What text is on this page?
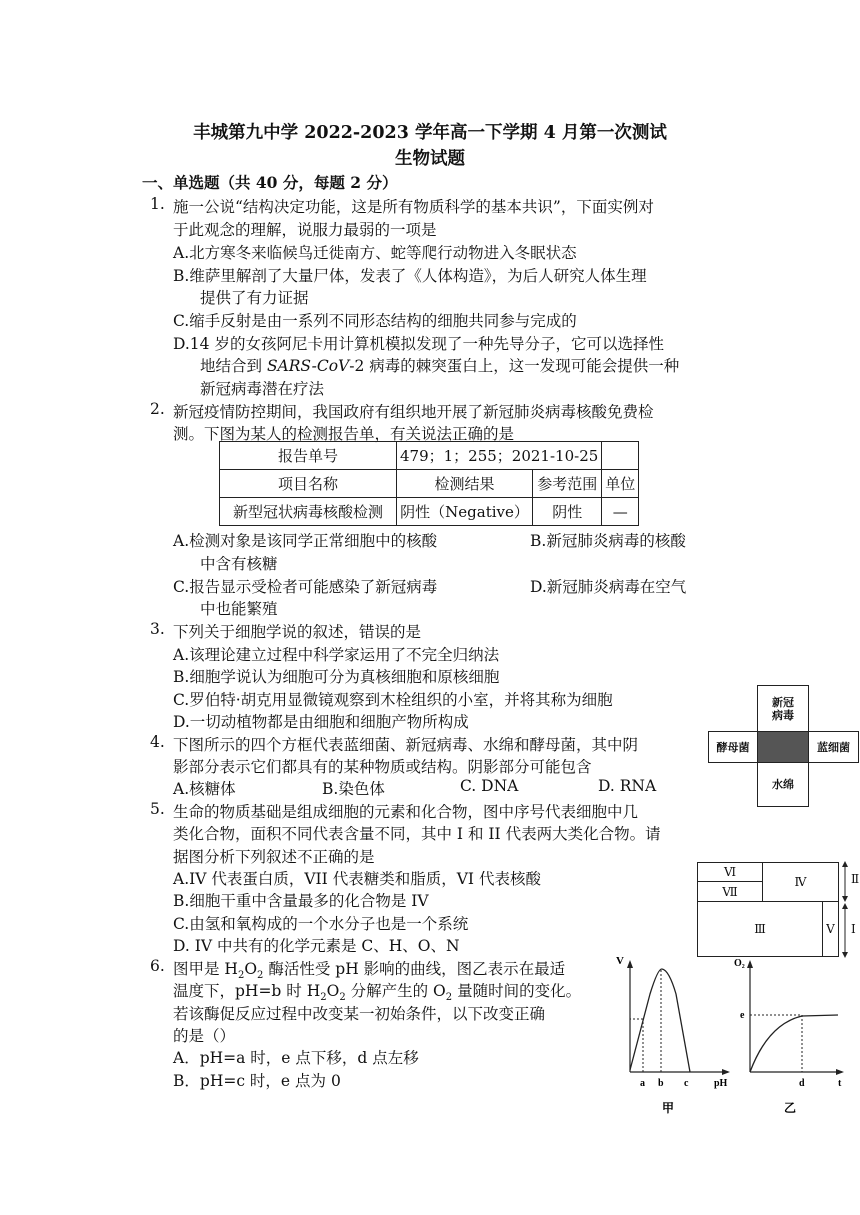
丰城第九中学 2022-2023 学年高一下学期 4 月第一次测试
生物试题
一、单选题（共 40 分，每题 2 分）
1. 施一公说“结构决定功能，这是所有物质科学的基本共识”，下面实例对
于此观念的理解，说服力最弱的一项是
A.北方寒冬来临候鸟迁徙南方、蛇等爬行动物进入冬眠状态
B.维萨里解剖了大量尸体，发表了《人体构造》，为后人研究人体生理
提供了有力证据
C.缩手反射是由一系列不同形态结构的细胞共同参与完成的
D.14 岁的女孩阿尼卡用计算机模拟发现了一种先导分子，它可以选择性
地结合到 SARS-CoV-2 病毒的棘突蛋白上，这一发现可能会提供一种
新冠病毒潜在疗法
2. 新冠疫情防控期间，我国政府有组织地开展了新冠肺炎病毒核酸免费检
测。下图为某人的检测报告单，有关说法正确的是
报告单号	479；1；255；2021-10-25		
项目名称	检测结果	参考范围	单位
新型冠状病毒核酸检测	阴性（Negative）	阴性	—
A.检测对象是该同学正常细胞中的核酸	B.新冠肺炎病毒的核酸
中含有核糖
C.报告显示受检者可能感染了新冠病毒	D.新冠肺炎病毒在空气
中也能繁殖
3. 下列关于细胞学说的叙述，错误的是
A.该理论建立过程中科学家运用了不完全归纳法
B.细胞学说认为细胞可分为真核细胞和原核细胞
C.罗伯特·胡克用显微镜观察到木栓组织的小室，并将其称为细胞
D.一切动植物都是由细胞和细胞产物所构成
新冠
病毒
酵母菌	蓝细菌
水绵
4. 下图所示的四个方框代表蓝细菌、新冠病毒、水绵和酵母菌，其中阴
影部分表示它们都具有的某种物质或结构。阴影部分可能包含
A.核糖体	B.染色体	C. DNA	D. RNA
5. 生命的物质基础是组成细胞的元素和化合物，图中序号代表细胞中几
类化合物，面积不同代表含量不同，其中 I 和 II 代表两大类化合物。请
据图分析下列叙述不正确的是
A.IV 代表蛋白质，VII 代表糖类和脂质，VI 代表核酸
B.细胞干重中含量最多的化合物是 IV
C.由氢和氧构成的一个水分子也是一个系统
D. IV 中共有的化学元素是 C、H、O、N
Ⅵ
Ⅶ
Ⅳ
Ⅲ	Ⅴ
Ⅱ
Ⅰ
6. 图甲是 $H_2O_2$ 酶活性受 pH 影响的曲线，图乙表示在最适
温度下，pH=b 时 $H_2O_2$ 分解产生的 $O_2$ 量随时间的变化。
若该酶促反应过程中改变某一初始条件，以下改变正确
的是（）
A．pH=a 时，e 点下移，d 点左移
B．pH=c 时，e 点为 0
V
a b c	pH
甲
O₂
e
d	t
乙
